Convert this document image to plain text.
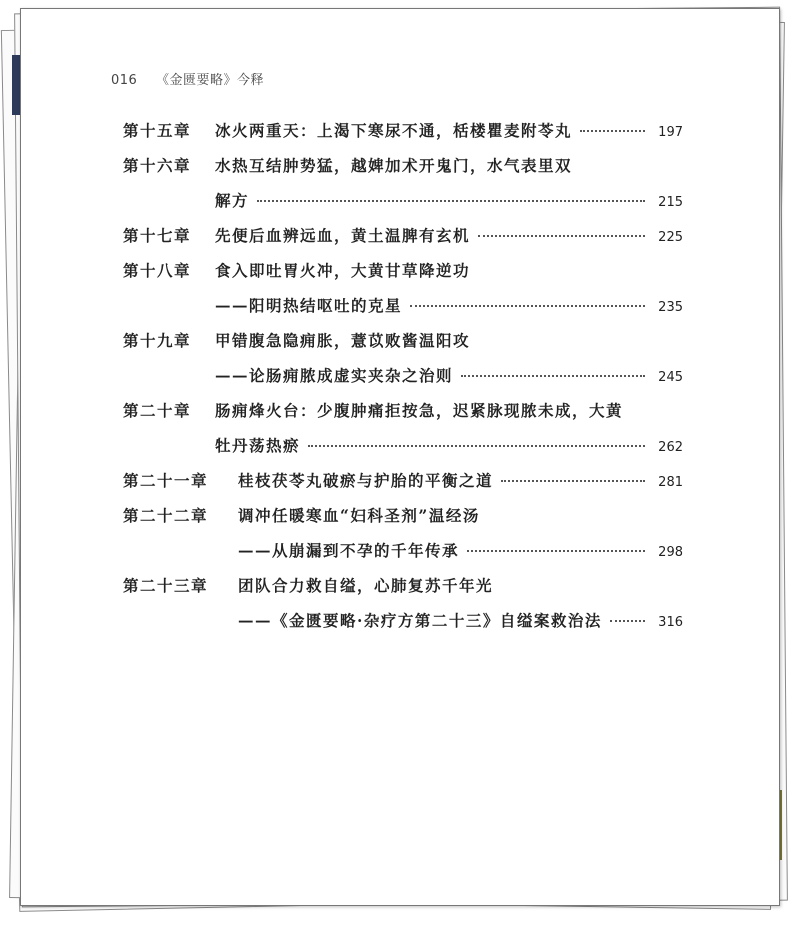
016 《金匮要略》今释
第十五章	冰火两重天：上渴下寒尿不通，栝楼瞿麦附苓丸	197
第十六章	水热互结肿势猛，越婢加术开鬼门，水气表里双
解方	215
第十七章	先便后血辨远血，黄土温脾有玄机	225
第十八章	食入即吐胃火冲，大黄甘草降逆功
——阳明热结呕吐的克星	235
第十九章	甲错腹急隐痈胀，薏苡败酱温阳攻
——论肠痈脓成虚实夹杂之治则	245
第二十章	肠痈烽火台：少腹肿痛拒按急，迟紧脉现脓未成，大黄
牡丹荡热瘀	262
第二十一章	桂枝茯苓丸破瘀与护胎的平衡之道	281
第二十二章	调冲任暖寒血“妇科圣剂”温经汤
——从崩漏到不孕的千年传承	298
第二十三章	团队合力救自缢，心肺复苏千年光
——《金匮要略·杂疗方第二十三》自缢案救治法	316
